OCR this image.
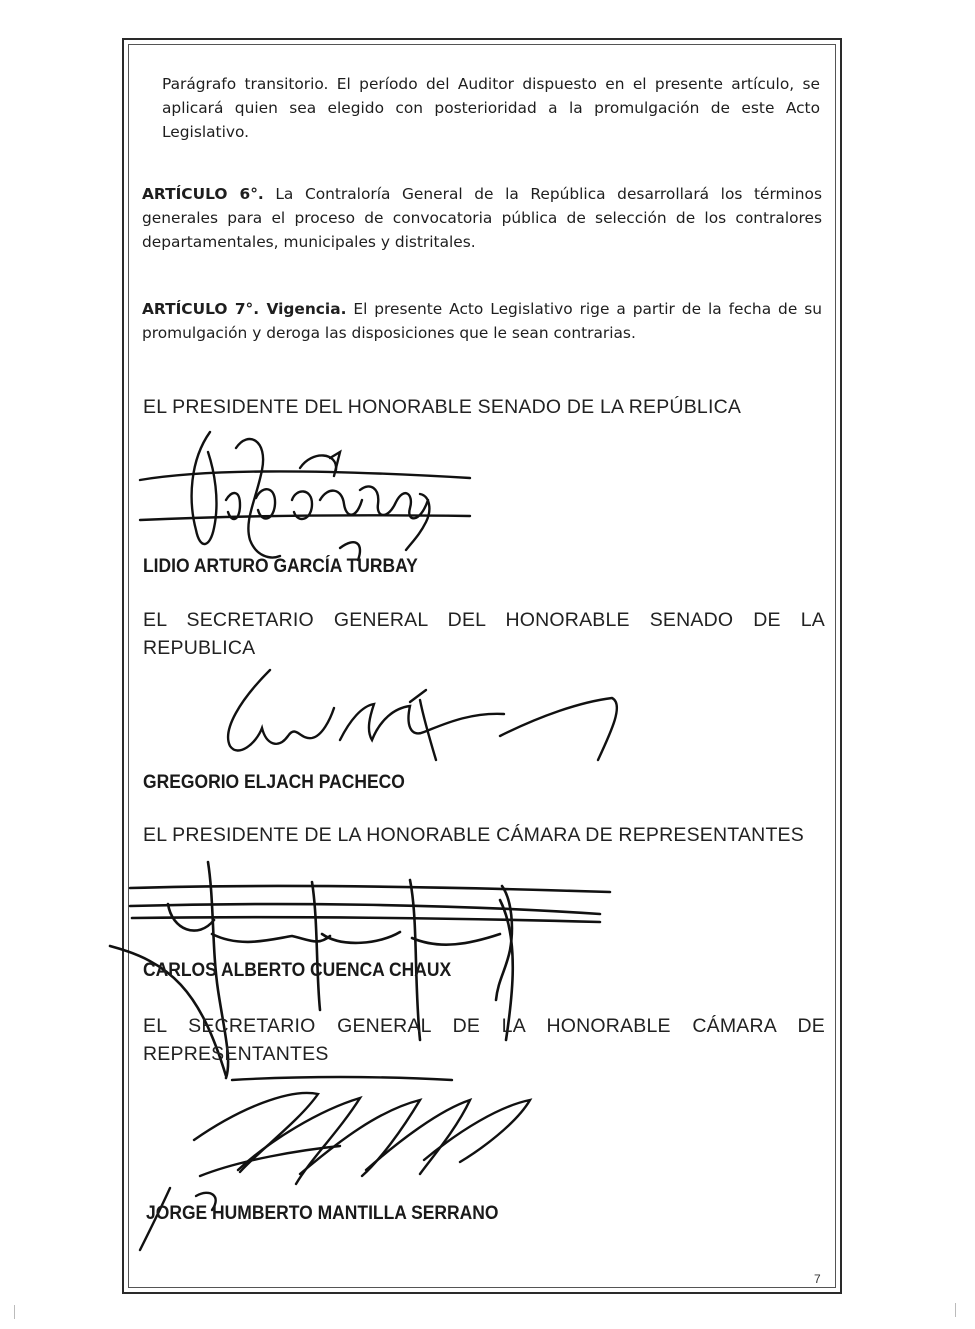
Parágrafo transitorio. El período del Auditor dispuesto en el presente artículo, se aplicará quien sea elegido con posterioridad a la promulgación de este Acto Legislativo.
ARTÍCULO 6°. La Contraloría General de la República desarrollará los términos generales para el proceso de convocatoria pública de selección de los contralores departamentales, municipales y distritales.
ARTÍCULO 7°. Vigencia. El presente Acto Legislativo rige a partir de la fecha de su promulgación y deroga las disposiciones que le sean contrarias.
EL PRESIDENTE DEL HONORABLE SENADO DE LA REPÚBLICA
LIDIO ARTURO GARCÍA TURBAY
EL SECRETARIO GENERAL DEL HONORABLE SENADO DE LA REPUBLICA
GREGORIO ELJACH PACHECO
EL PRESIDENTE DE LA HONORABLE CÁMARA DE REPRESENTANTES
CARLOS ALBERTO CUENCA CHAUX
EL SECRETARIO GENERAL DE LA HONORABLE CÁMARA DE REPRESENTANTES
JORGE HUMBERTO MANTILLA SERRANO
7
